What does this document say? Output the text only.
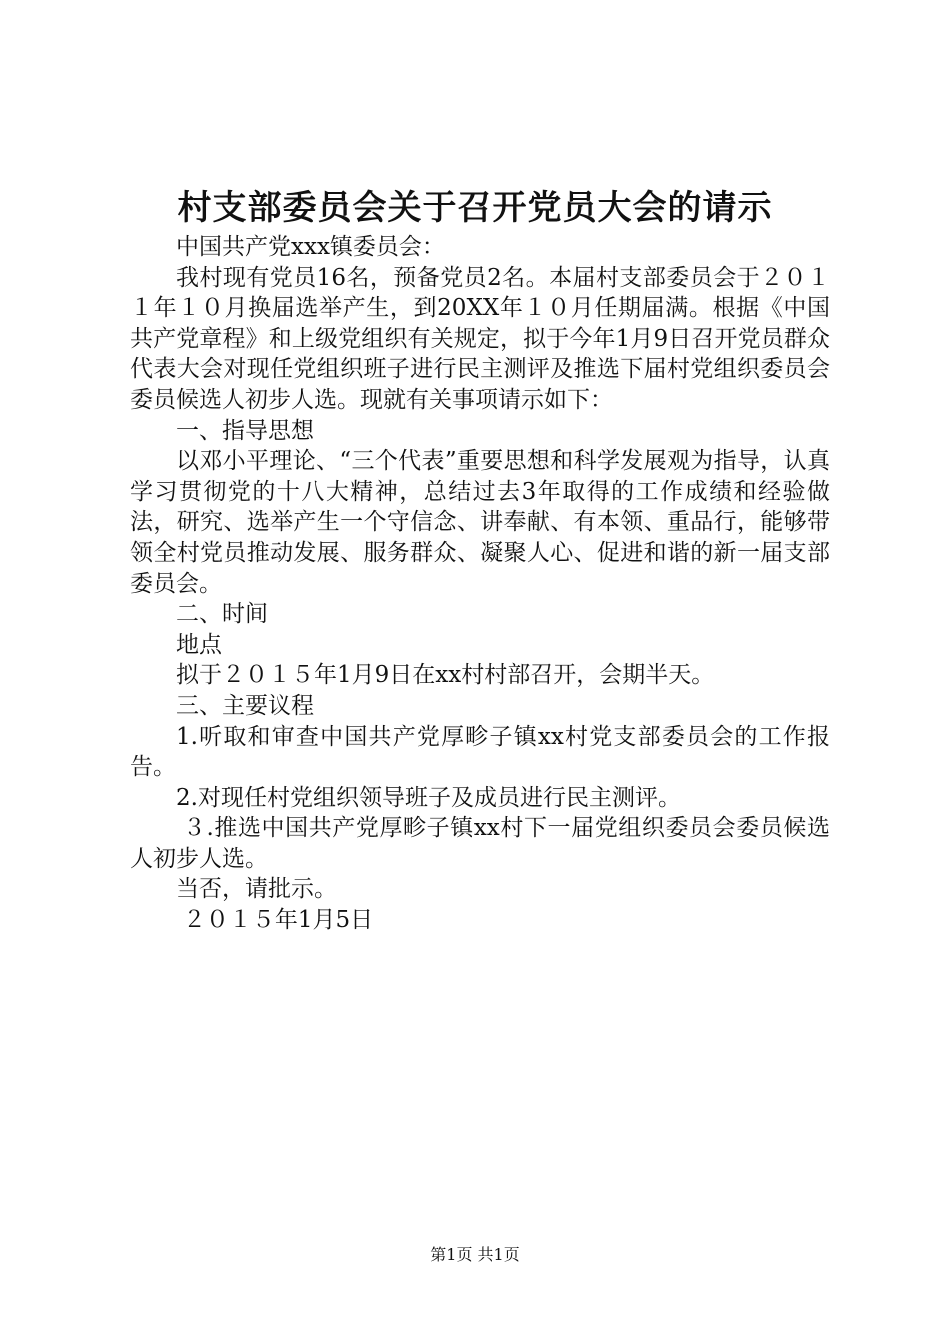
村支部委员会关于召开党员大会的请示

中国共产党xxx镇委员会：

我村现有党员16名，预备党员2名。本届村支部委员会于２０１１年１０月换届选举产生，到20XX年１０月任期届满。根据《中国共产党章程》和上级党组织有关规定，拟于今年1月9日召开党员群众代表大会对现任党组织班子进行民主测评及推选下届村党组织委员会委员候选人初步人选。现就有关事项请示如下：

一、指导思想

以邓小平理论、“三个代表”重要思想和科学发展观为指导，认真学习贯彻党的十八大精神，总结过去3年取得的工作成绩和经验做法，研究、选举产生一个守信念、讲奉献、有本领、重品行，能够带领全村党员推动发展、服务群众、凝聚人心、促进和谐的新一届支部委员会。

二、时间

地点

拟于２０１５年1月9日在xx村村部召开，会期半天。

三、主要议程

1.听取和审查中国共产党厚畛子镇xx村党支部委员会的工作报告。

2.对现任村党组织领导班子及成员进行民主测评。

３.推选中国共产党厚畛子镇xx村下一届党组织委员会委员候选人初步人选。

当否，请批示。

２０１５年1月5日

第1页 共1页
